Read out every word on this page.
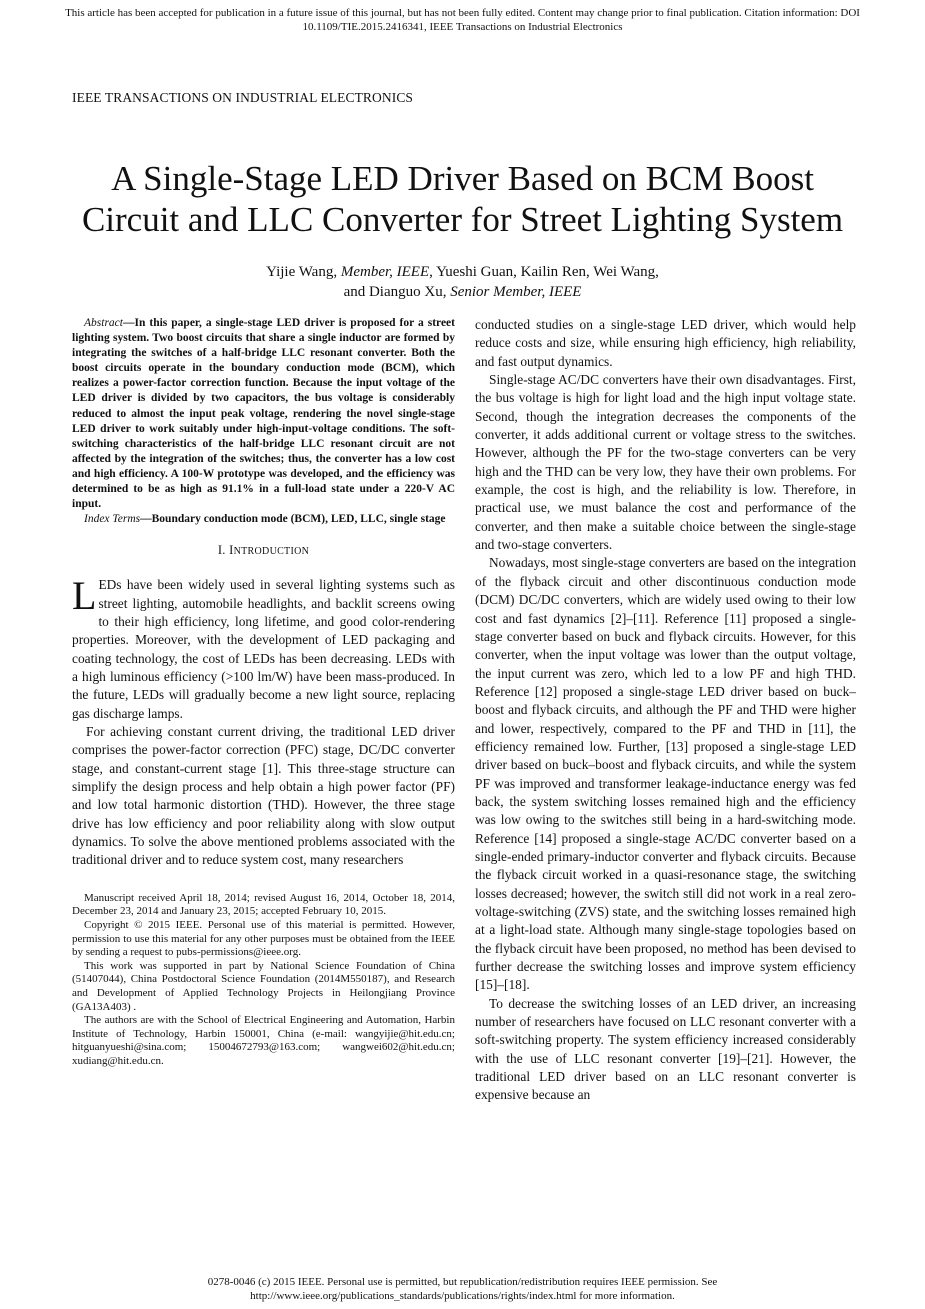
This article has been accepted for publication in a future issue of this journal, but has not been fully edited. Content may change prior to final publication. Citation information: DOI
10.1109/TIE.2015.2416341, IEEE Transactions on Industrial Electronics
IEEE TRANSACTIONS ON INDUSTRIAL ELECTRONICS
A Single-Stage LED Driver Based on BCM Boost
Circuit and LLC Converter for Street Lighting System
Yijie Wang, Member, IEEE, Yueshi Guan, Kailin Ren, Wei Wang,
and Dianguo Xu, Senior Member, IEEE

Abstract—In this paper, a single-stage LED driver is proposed for a street lighting system. Two boost circuits that share a single inductor are formed by integrating the switches of a half-bridge LLC resonant converter. Both the boost circuits operate in the boundary conduction mode (BCM), which realizes a power-factor correction function. Because the input voltage of the LED driver is divided by two capacitors, the bus voltage is considerably reduced to almost the input peak voltage, rendering the novel single-stage LED driver to work suitably under high-input-voltage conditions. The soft-switching characteristics of the half-bridge LLC resonant circuit are not affected by the integration of the switches; thus, the converter has a low cost and high efficiency. A 100-W prototype was developed, and the efficiency was determined to be as high as 91.1% in a full-load state under a 220-V AC input.

Index Terms—Boundary conduction mode (BCM), LED, LLC, single stage

I. INTRODUCTION

L EDs have been widely used in several lighting systems such as street lighting, automobile headlights, and backlit screens owing to their high efficiency, long lifetime, and good color-rendering properties. Moreover, with the development of LED packaging and coating technology, the cost of LEDs has been decreasing. LEDs with a high luminous efficiency (>100 lm/W) have been mass-produced. In the future, LEDs will gradually become a new light source, replacing gas discharge lamps.

For achieving constant current driving, the traditional LED driver comprises the power-factor correction (PFC) stage, DC/DC converter stage, and constant-current stage [1]. This three-stage structure can simplify the design process and help obtain a high power factor (PF) and low total harmonic distortion (THD). However, the three stage drive has low efficiency and poor reliability along with slow output dynamics. To solve the above mentioned problems associated with the traditional driver and to reduce system cost, many researchers

Manuscript received April 18, 2014; revised August 16, 2014, October 18, 2014, December 23, 2014 and January 23, 2015; accepted February 10, 2015.

Copyright © 2015 IEEE. Personal use of this material is permitted. However, permission to use this material for any other purposes must be obtained from the IEEE by sending a request to pubs-permissions@ieee.org.

This work was supported in part by National Science Foundation of China (51407044), China Postdoctoral Science Foundation (2014M550187), and Research and Development of Applied Technology Projects in Heilongjiang Province (GA13A403) .

The authors are with the School of Electrical Engineering and Automation, Harbin Institute of Technology, Harbin 150001, China (e-mail: wangyijie@hit.edu.cn; hitguanyueshi@sina.com; 15004672793@163.com; wangwei602@hit.edu.cn; xudiang@hit.edu.cn.

conducted studies on a single-stage LED driver, which would help reduce costs and size, while ensuring high efficiency, high reliability, and fast output dynamics.

Single-stage AC/DC converters have their own disadvantages. First, the bus voltage is high for light load and the high input voltage state. Second, though the integration decreases the components of the converter, it adds additional current or voltage stress to the switches. However, although the PF for the two-stage converters can be very high and the THD can be very low, they have their own problems. For example, the cost is high, and the reliability is low. Therefore, in practical use, we must balance the cost and performance of the converter, and then make a suitable choice between the single-stage and two-stage converters.

Nowadays, most single-stage converters are based on the integration of the flyback circuit and other discontinuous conduction mode (DCM) DC/DC converters, which are widely used owing to their low cost and fast dynamics [2]–[11]. Reference [11] proposed a single-stage converter based on buck and flyback circuits. However, for this converter, when the input voltage was lower than the output voltage, the input current was zero, which led to a low PF and high THD. Reference [12] proposed a single-stage LED driver based on buck–boost and flyback circuits, and although the PF and THD were higher and lower, respectively, compared to the PF and THD in [11], the efficiency remained low. Further, [13] proposed a single-stage LED driver based on buck–boost and flyback circuits, and while the system PF was improved and transformer leakage-inductance energy was fed back, the system switching losses remained high and the efficiency was low owing to the switches still being in a hard-switching mode. Reference [14] proposed a single-stage AC/DC converter based on a single-ended primary-inductor converter and flyback circuits. Because the flyback circuit worked in a quasi-resonance stage, the switching losses decreased; however, the switch still did not work in a real zero-voltage-switching (ZVS) state, and the switching losses remained high at a light-load state. Although many single-stage topologies based on the flyback circuit have been proposed, no method has been devised to further decrease the switching losses and improve system efficiency [15]–[18].

To decrease the switching losses of an LED driver, an increasing number of researchers have focused on LLC resonant converter with a soft-switching property. The system efficiency increased considerably with the use of LLC resonant converter [19]–[21]. However, the traditional LED driver based on an LLC resonant converter is expensive because an

0278-0046 (c) 2015 IEEE. Personal use is permitted, but republication/redistribution requires IEEE permission. See
http://www.ieee.org/publications_standards/publications/rights/index.html for more information.
